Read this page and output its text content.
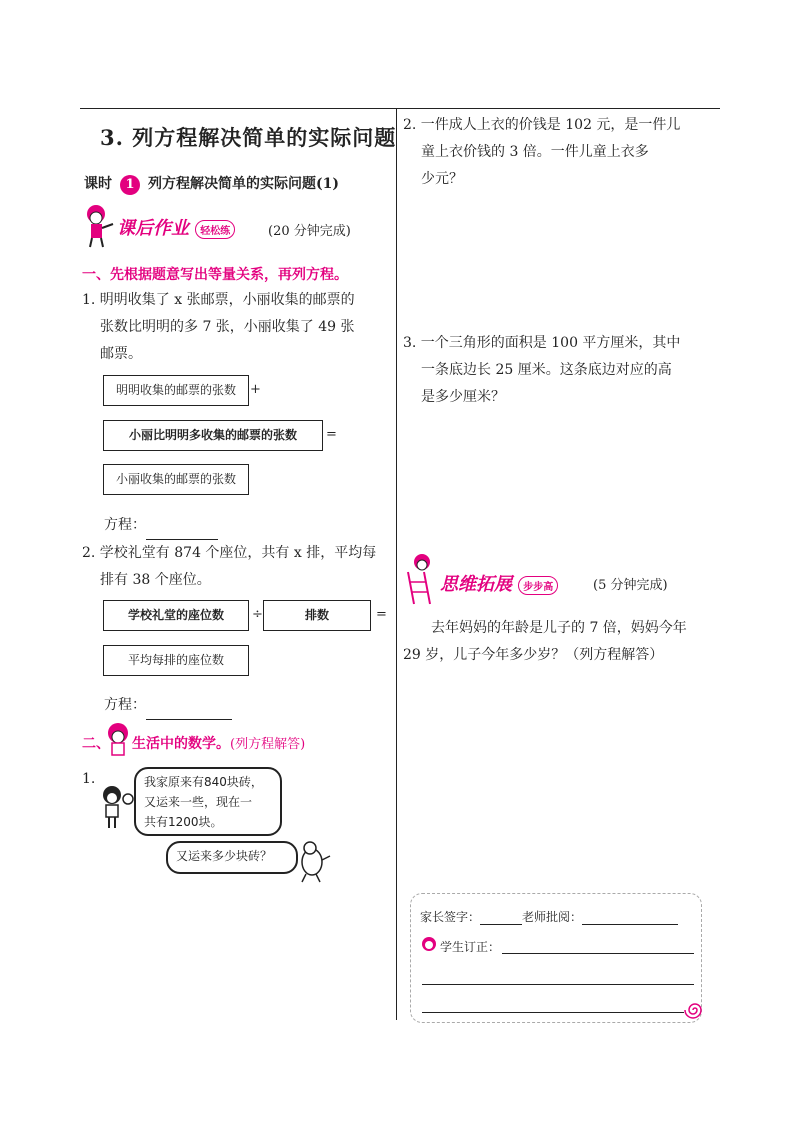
3. 列方程解决简单的实际问题
课时 1 列方程解决简单的实际问题(1)
课后作业 轻松练	(20 分钟完成)
一、先根据题意写出等量关系，再列方程。
1. 明明收集了 x 张邮票，小丽收集的邮票的
张数比明明的多 7 张，小丽收集了 49 张
邮票。
明明收集的邮票的张数	+
小丽比明明多收集的邮票的张数	=
小丽收集的邮票的张数
方程：
2. 学校礼堂有 874 个座位，共有 x 排，平均每
排有 38 个座位。
学校礼堂的座位数	÷	排数	=
平均每排的座位数
方程：
二、 生活中的数学。(列方程解答)
1.	我家原来有840块砖，
又运来一些，现在一
共有1200块。
又运来多少块砖？
2. 一件成人上衣的价钱是 102 元，是一件儿
童上衣价钱的 3 倍。一件儿童上衣多
少元？
3. 一个三角形的面积是 100 平方厘米，其中
一条底边长 25 厘米。这条底边对应的高
是多少厘米？
思维拓展 步步高	(5 分钟完成)
去年妈妈的年龄是儿子的 7 倍，妈妈今年
29 岁，儿子今年多少岁？（列方程解答）
家长签字：	老师批阅：
学生订正：
